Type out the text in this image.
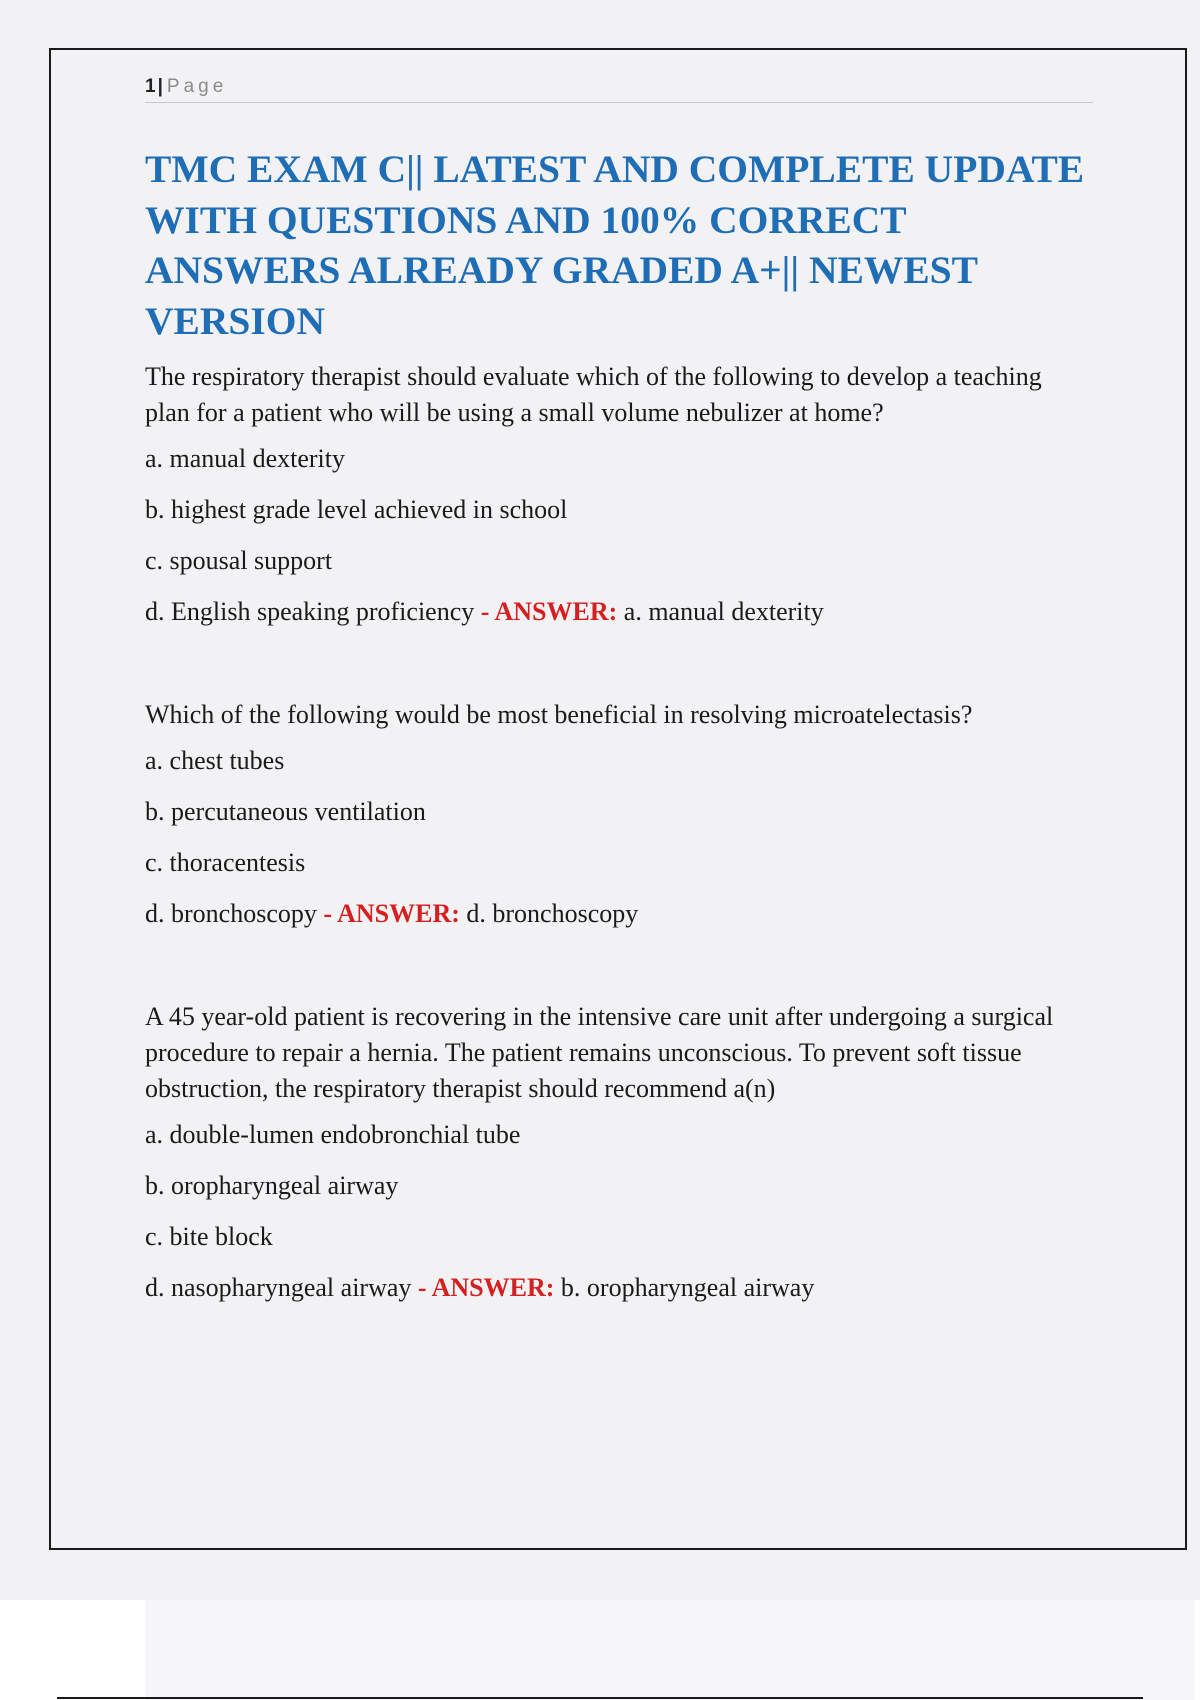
1 | Page
TMC EXAM C|| LATEST AND COMPLETE UPDATE WITH QUESTIONS AND 100% CORRECT ANSWERS ALREADY GRADED A+|| NEWEST VERSION

The respiratory therapist should evaluate which of the following to develop a teaching plan for a patient who will be using a small volume nebulizer at home?

a. manual dexterity

b. highest grade level achieved in school

c. spousal support

d. English speaking proficiency - ANSWER: a. manual dexterity

Which of the following would be most beneficial in resolving microatelectasis?

a. chest tubes

b. percutaneous ventilation

c. thoracentesis

d. bronchoscopy - ANSWER: d. bronchoscopy

A 45 year-old patient is recovering in the intensive care unit after undergoing a surgical procedure to repair a hernia. The patient remains unconscious. To prevent soft tissue obstruction, the respiratory therapist should recommend a(n)

a. double-lumen endobronchial tube

b. oropharyngeal airway

c. bite block

d. nasopharyngeal airway - ANSWER: b. oropharyngeal airway
